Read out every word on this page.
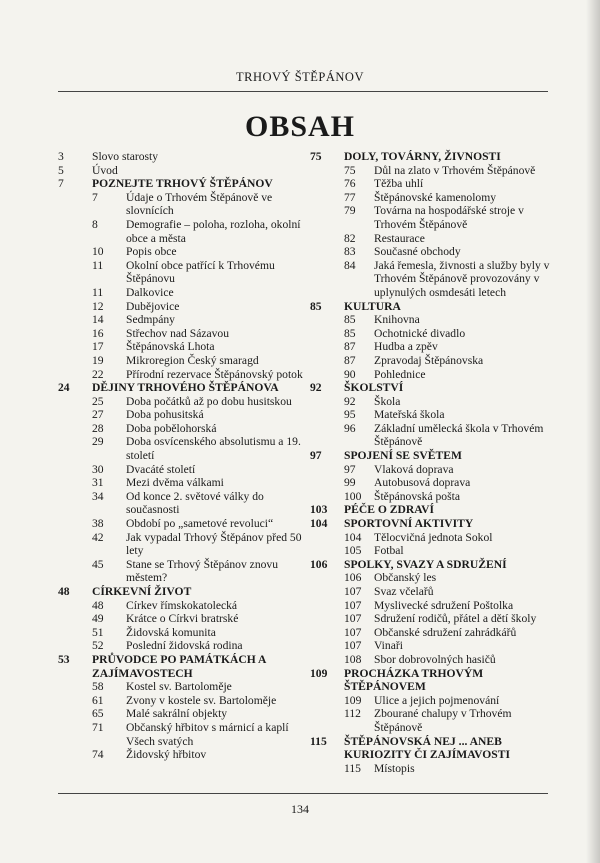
TRHOVÝ ŠTĚPÁNOV
OBSAH
3	Slovo starosty
5	Úvod
7	POZNEJTE TRHOVÝ ŠTĚPÁNOV
7	Údaje o Trhovém Štěpánově ve slovnících
8	Demografie – poloha, rozloha, okolní obce a města
10	Popis obce
11	Okolní obce patřící k Trhovému Štěpánovu
11	Dalkovice
12	Dubějovice
14	Sedmpány
16	Střechov nad Sázavou
17	Štěpánovská Lhota
19	Mikroregion Český smaragd
22	Přírodní rezervace Štěpánovský potok
24	DĚJINY TRHOVÉHO ŠTĚPÁNOVA
25	Doba počátků až po dobu husitskou
27	Doba pohusitská
28	Doba pobělohorská
29	Doba osvícenského absolutismu a 19. století
30	Dvacáté století
31	Mezi dvěma válkami
34	Od konce 2. světové války do současnosti
38	Období po „sametové revoluci“
42	Jak vypadal Trhový Štěpánov před 50 lety
45	Stane se Trhový Štěpánov znovu městem?
48	CÍRKEVNÍ ŽIVOT
48	Církev římskokatolecká
49	Krátce o Církvi bratrské
51	Židovská komunita
52	Poslední židovská rodina
53	PRŮVODCE PO PAMÁTKÁCH A ZAJÍMAVOSTECH
58	Kostel sv. Bartoloměje
61	Zvony v kostele sv. Bartoloměje
65	Malé sakrální objekty
71	Občanský hřbitov s márnicí a kaplí Všech svatých
74	Židovský hřbitov
75	DOLY, TOVÁRNY, ŽIVNOSTI
75	Důl na zlato v Trhovém Štěpánově
76	Těžba uhlí
77	Štěpánovské kamenolomy
79	Továrna na hospodářské stroje v Trhovém Štěpánově
82	Restaurace
83	Současné obchody
84	Jaká řemesla, živnosti a služby byly v Trhovém Štěpánově provozovány v uplynulých osmdesáti letech
85	KULTURA
85	Knihovna
85	Ochotnické divadlo
87	Hudba a zpěv
87	Zpravodaj Štěpánovska
90	Pohlednice
92	ŠKOLSTVÍ
92	Škola
95	Mateřská škola
96	Základní umělecká škola v Trhovém Štěpánově
97	SPOJENÍ SE SVĚTEM
97	Vlaková doprava
99	Autobusová doprava
100 Štěpánovská pošta
103	PÉČE O ZDRAVÍ
104	SPORTOVNÍ AKTIVITY
104 Tělocvičná jednota Sokol
105 Fotbal
106	SPOLKY, SVAZY A SDRUŽENÍ
106 Občanský les
107 Svaz včelařů
107 Myslivecké sdružení Poštolka
107 Sdružení rodičů, přátel a dětí školy
107 Občanské sdružení zahrádkářů
107 Vinaři
108 Sbor dobrovolných hasičů
109	PROCHÁZKA TRHOVÝM ŠTĚPÁNOVEM
109 Ulice a jejich pojmenování
112 Zbourané chalupy v Trhovém Štěpánově
115	ŠTĚPÁNOVSKÁ NEJ ... ANEB KURIOZITY ČI ZAJÍMAVOSTI
115 Místopis
134
